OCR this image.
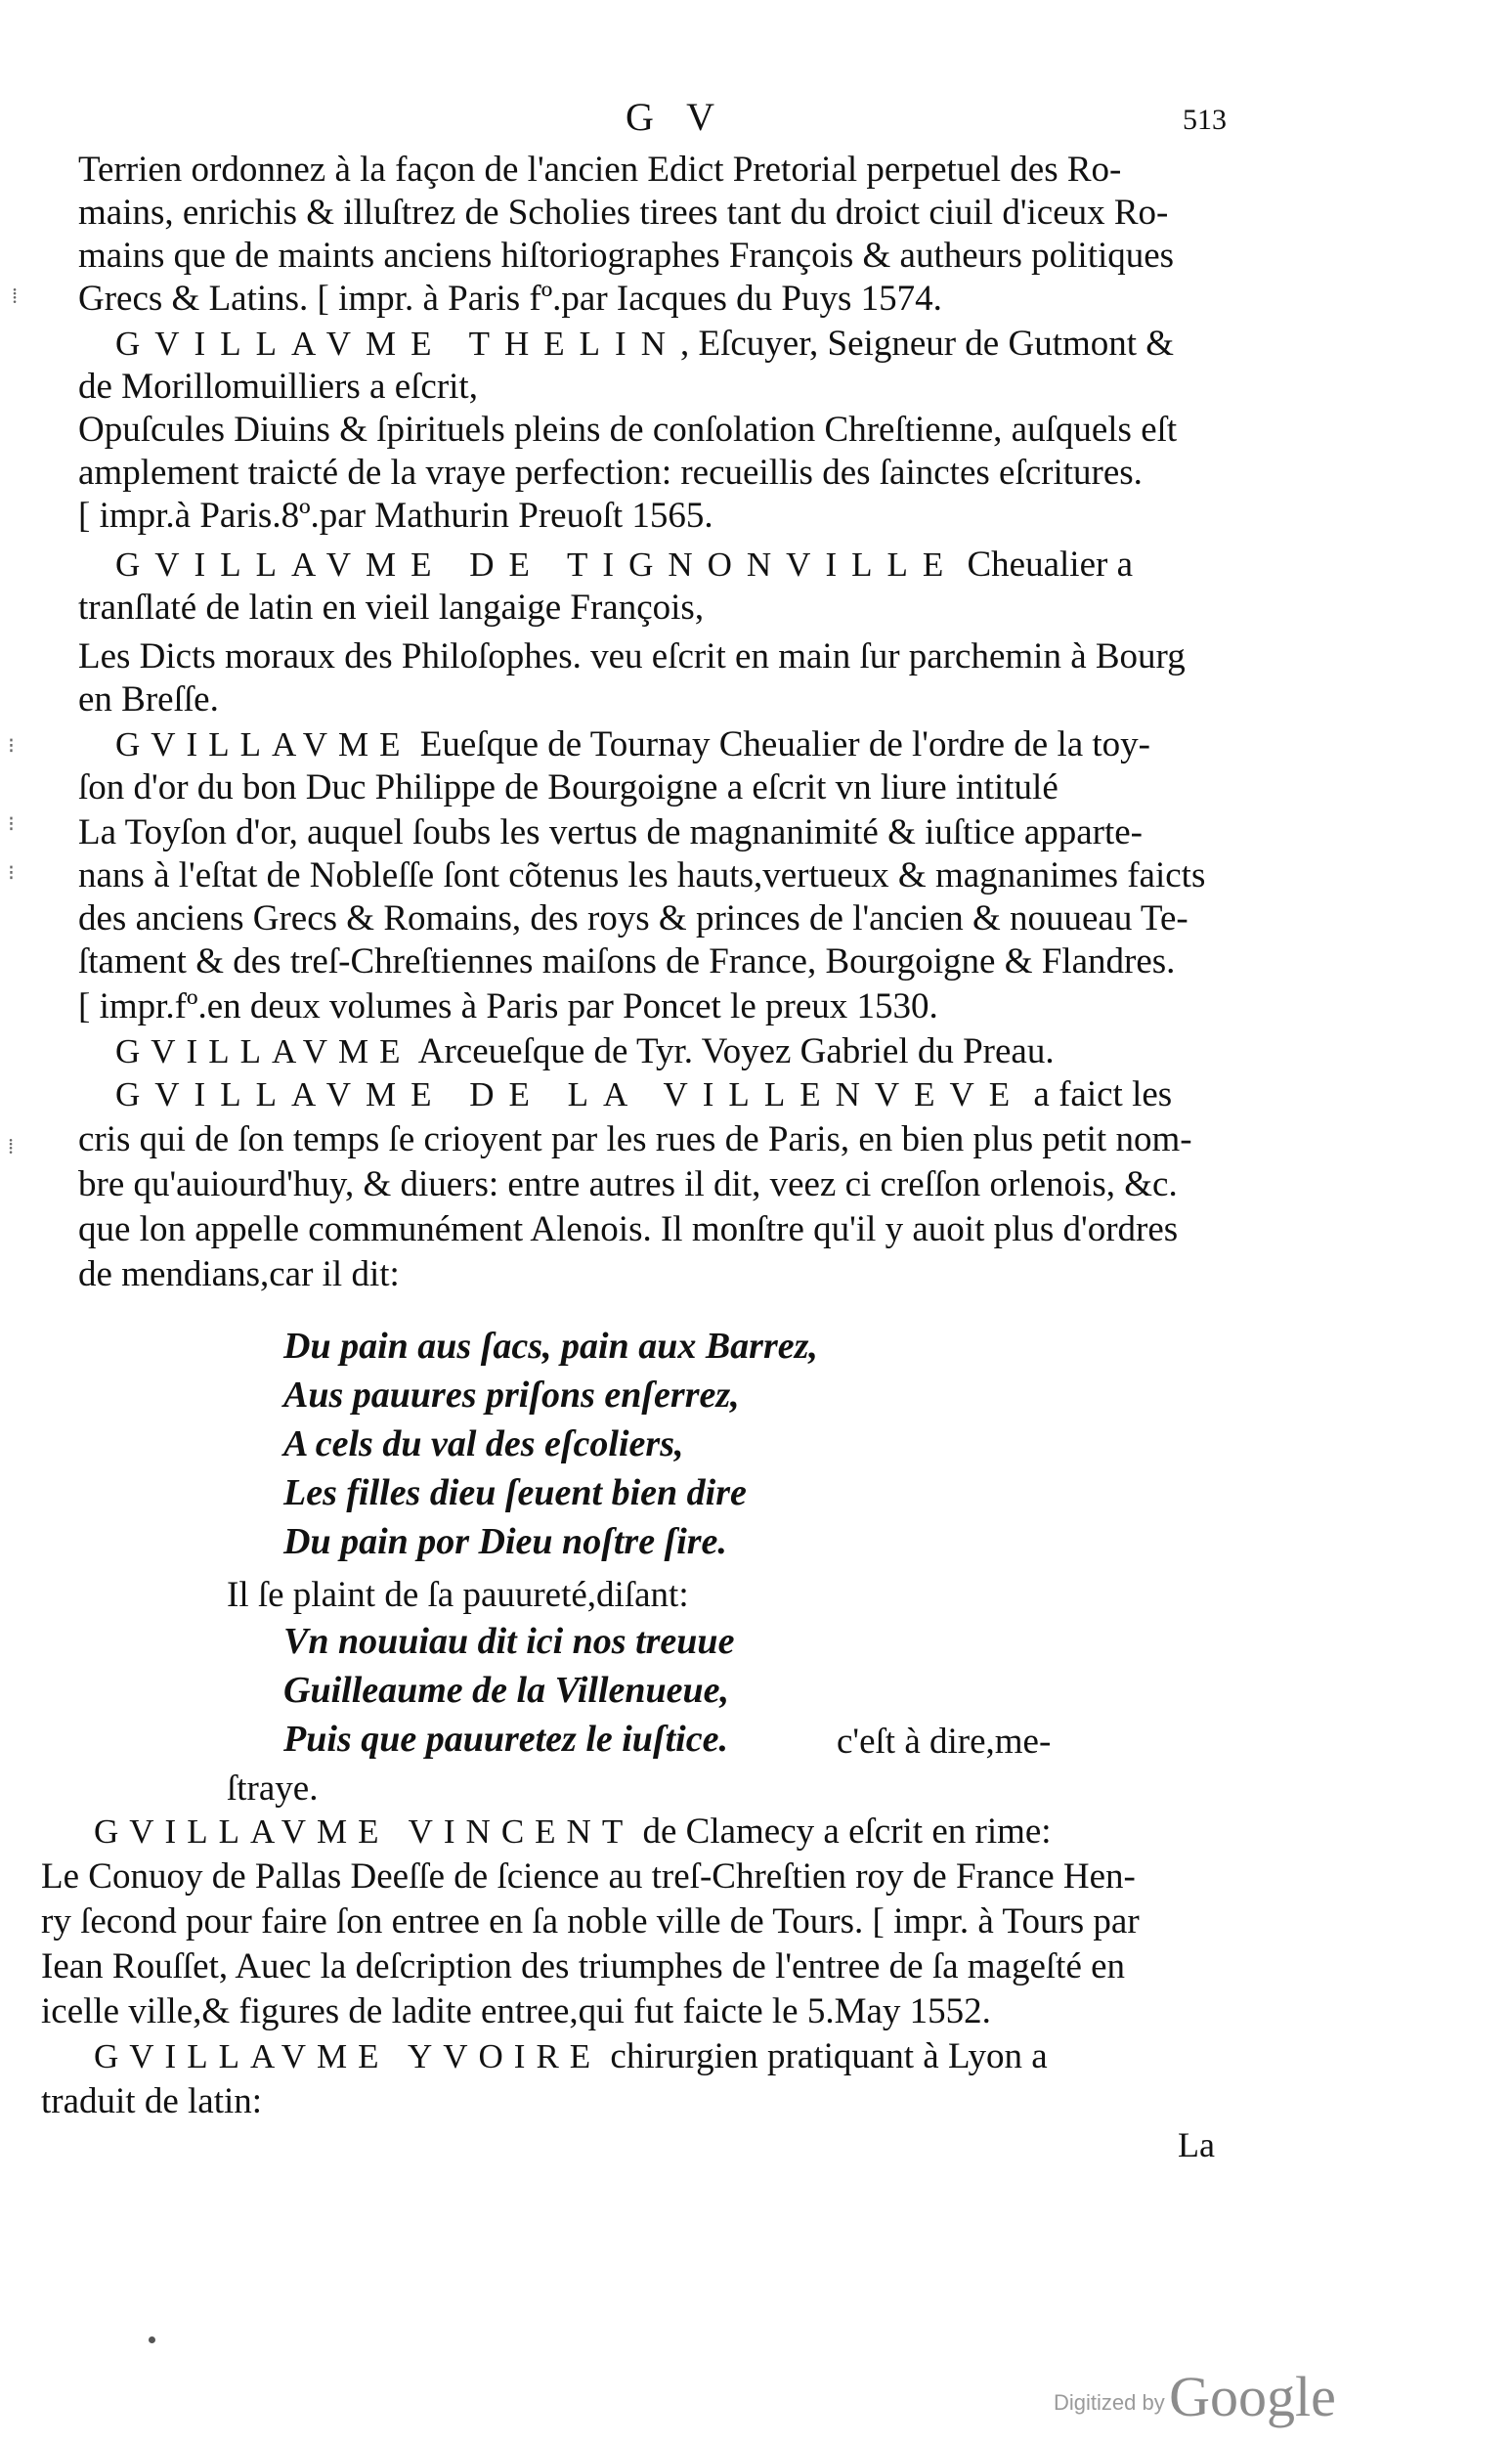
G V	513
Terrien ordonnez à la façon de l'ancien Edict Pretorial perpetuel des Ro-
mains, enrichis & illuſtrez de Scholies tirees tant du droict ciuil d'iceux Ro-
mains que de maints anciens hiſtoriographes François & autheurs politiques
Grecs & Latins. [ impr. à Paris fº.par Iacques du Puys 1574.
GVILLAVME THELIN, Eſcuyer, Seigneur de Gutmont &
de Morillomuilliers a eſcrit,
Opuſcules Diuins & ſpirituels pleins de conſolation Chreſtienne, auſquels eſt
amplement traicté de la vraye perfection: recueillis des ſainctes eſcritures.
[ impr.à Paris.8º.par Mathurin Preuoſt 1565.
GVILLAVME DE TIGNONVILLE Cheualier a
tranſlaté de latin en vieil langaige François,
Les Dicts moraux des Philoſophes. veu eſcrit en main ſur parchemin à Bourg
en Breſſe.
GVILLAVME Eueſque de Tournay Cheualier de l'ordre de la toy-
ſon d'or du bon Duc Philippe de Bourgoigne a eſcrit vn liure intitulé
La Toyſon d'or, auquel ſoubs les vertus de magnanimité & iuſtice apparte-
nans à l'eſtat de Nobleſſe ſont cõtenus les hauts,vertueux & magnanimes faicts
des anciens Grecs & Romains, des roys & princes de l'ancien & nouueau Te-
ſtament & des treſ-Chreſtiennes maiſons de France, Bourgoigne & Flandres.
[ impr.fº.en deux volumes à Paris par Poncet le preux 1530.
GVILLAVME Arceueſque de Tyr. Voyez Gabriel du Preau.
GVILLAVME DE LA VILLENVEVE a faict les
cris qui de ſon temps ſe crioyent par les rues de Paris, en bien plus petit nom-
bre qu'auiourd'huy, & diuers: entre autres il dit, veez ci creſſon orlenois, &c.
que lon appelle communément Alenois. Il monſtre qu'il y auoit plus d'ordres
de mendians,car il dit:
Du pain aus ſacs, pain aux Barrez,
Aus pauures priſons enſerrez,
A cels du val des eſcoliers,
Les filles dieu ſeuent bien dire
Du pain por Dieu noſtre ſire.
Il ſe plaint de ſa pauureté,diſant:
Vn nouuiau dit ici nos treuue
Guilleaume de la Villenueue,
Puis que pauuretez le iuſtice.	c'eſt à dire,me-
ſtraye.
GVILLAVME VINCENT de Clamecy a eſcrit en rime:
Le Conuoy de Pallas Deeſſe de ſcience au treſ-Chreſtien roy de France Hen-
ry ſecond pour faire ſon entree en ſa noble ville de Tours. [ impr. à Tours par
Iean Rouſſet, Auec la deſcription des triumphes de l'entree de ſa mageſté en
icelle ville,& figures de ladite entree,qui fut faicte le 5.May 1552.
GVILLAVME YVOIRE chirurgien pratiquant à Lyon a
traduit de latin:
La
⁞
⁝
⁝
⁝
⁞
Digitized by Google
